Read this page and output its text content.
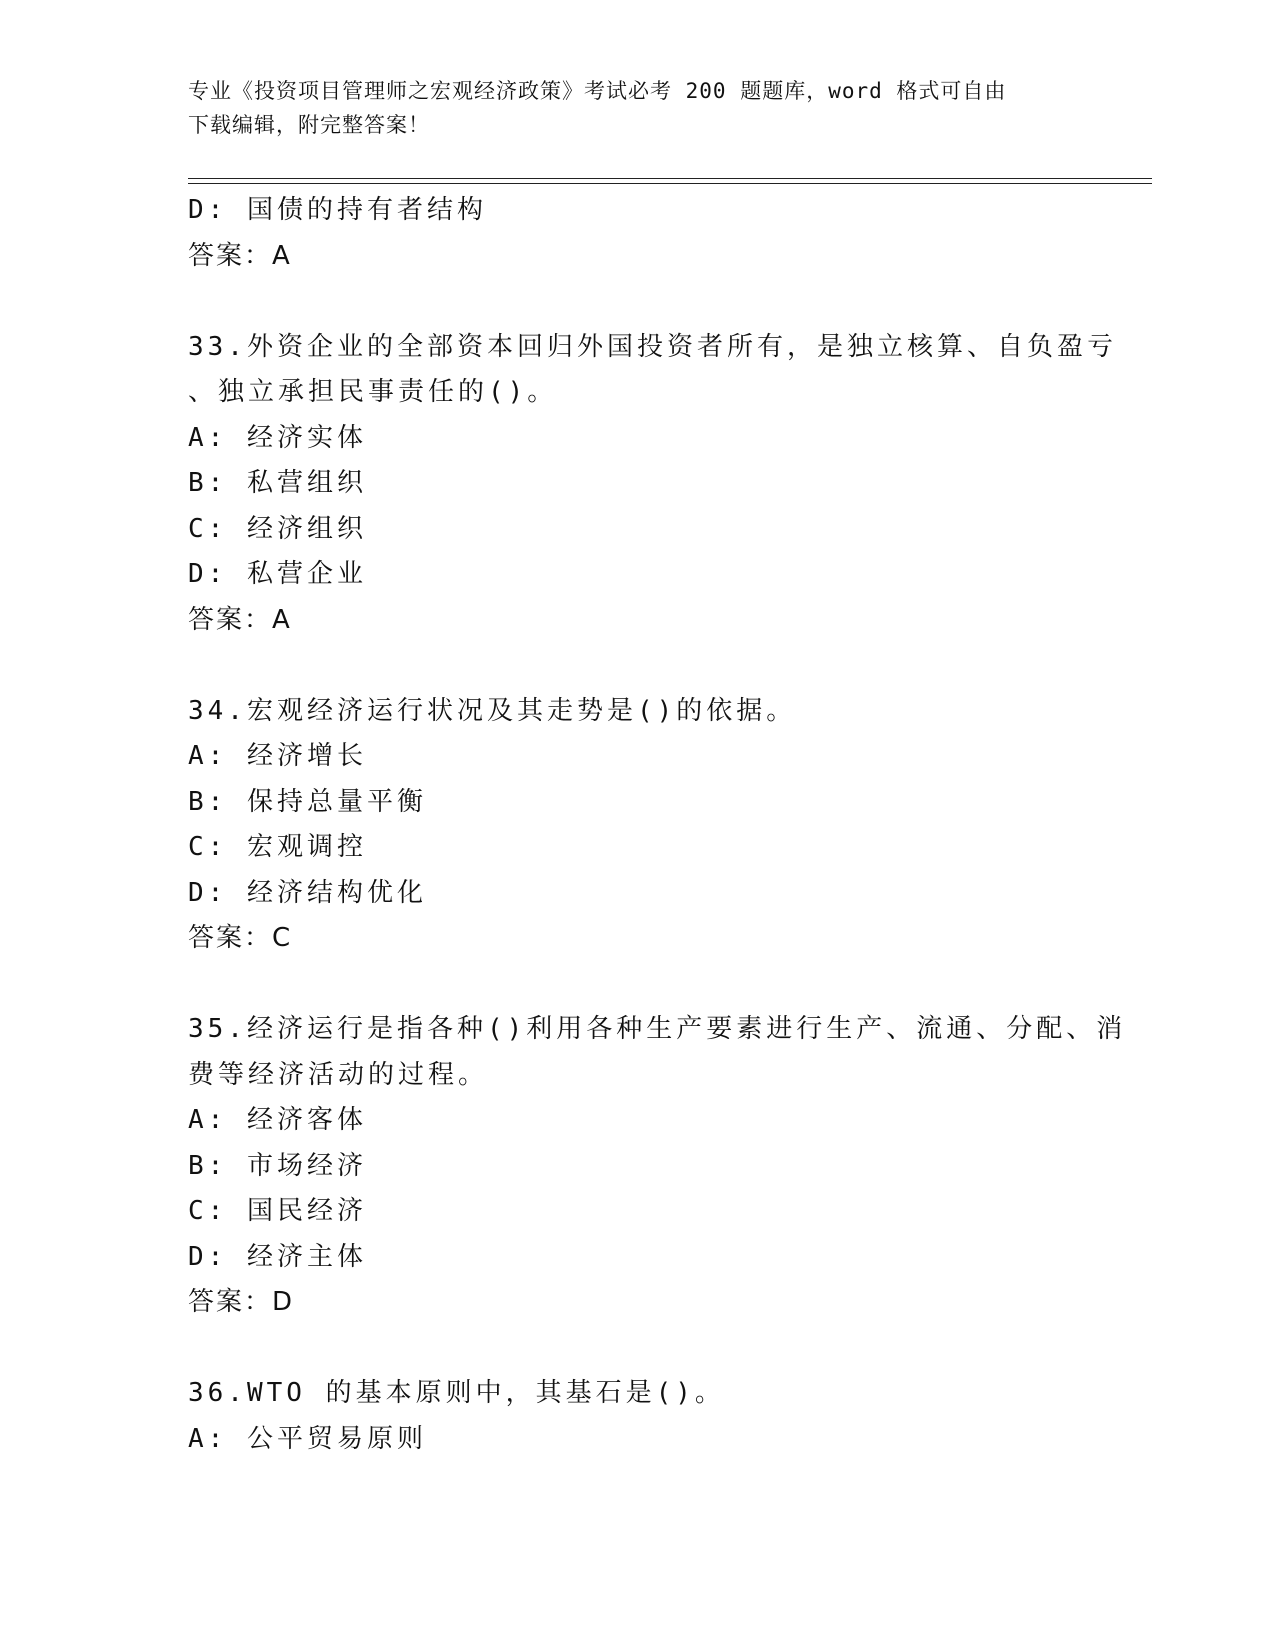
专业《投资项目管理师之宏观经济政策》考试必考 200 题题库，word 格式可自由
下载编辑，附完整答案！
D: 国债的持有者结构
答案：A
33.外资企业的全部资本回归外国投资者所有，是独立核算、自负盈亏
、独立承担民事责任的()。
A: 经济实体
B: 私营组织
C: 经济组织
D: 私营企业
答案：A
34.宏观经济运行状况及其走势是()的依据。
A: 经济增长
B: 保持总量平衡
C: 宏观调控
D: 经济结构优化
答案：C
35.经济运行是指各种()利用各种生产要素进行生产、流通、分配、消
费等经济活动的过程。
A: 经济客体
B: 市场经济
C: 国民经济
D: 经济主体
答案：D
36.WTO 的基本原则中，其基石是()。
A: 公平贸易原则
